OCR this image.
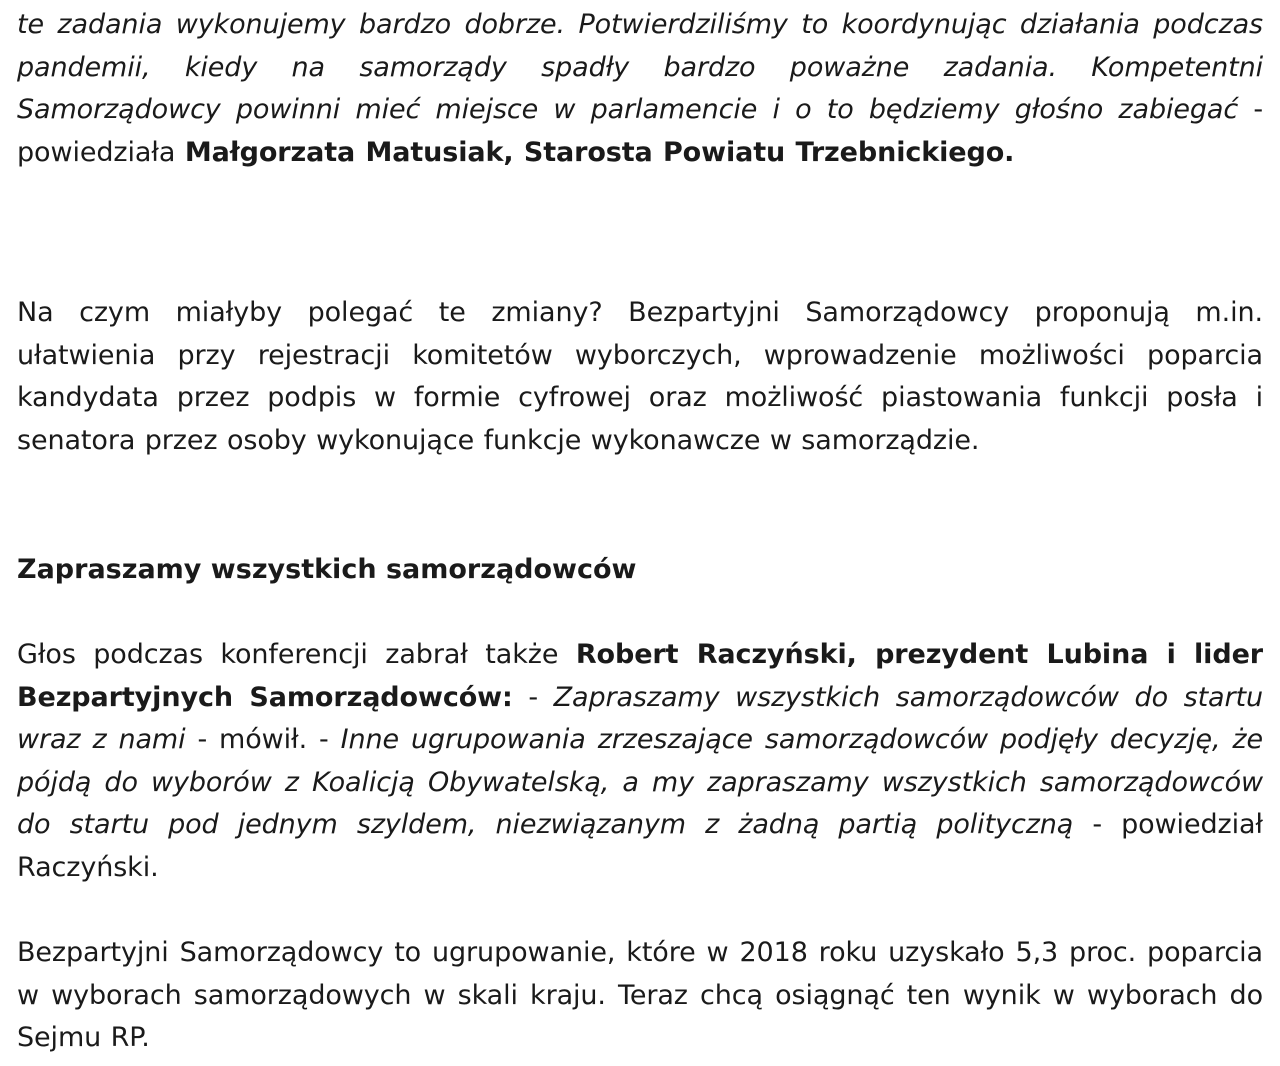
te zadania wykonujemy bardzo dobrze. Potwierdziliśmy to koordynując działania podczas pandemii, kiedy na samorządy spadły bardzo poważne zadania. Kompetentni Samorządowcy powinni mieć miejsce w parlamencie i o to będziemy głośno zabiegać - powiedziała Małgorzata Matusiak, Starosta Powiatu Trzebnickiego.

Na czym miałyby polegać te zmiany? Bezpartyjni Samorządowcy proponują m.in. ułatwienia przy rejestracji komitetów wyborczych, wprowadzenie możliwości poparcia kandydata przez podpis w formie cyfrowej oraz możliwość piastowania funkcji posła i senatora przez osoby wykonujące funkcje wykonawcze w samorządzie.

Zapraszamy wszystkich samorządowców

Głos podczas konferencji zabrał także Robert Raczyński, prezydent Lubina i lider Bezpartyjnych Samorządowców: - Zapraszamy wszystkich samorządowców do startu wraz z nami - mówił. - Inne ugrupowania zrzeszające samorządowców podjęły decyzję, że pójdą do wyborów z Koalicją Obywatelską, a my zapraszamy wszystkich samorządowców do startu pod jednym szyldem, niezwiązanym z żadną partią polityczną - powiedział Raczyński.

Bezpartyjni Samorządowcy to ugrupowanie, które w 2018 roku uzyskało 5,3 proc. poparcia w wyborach samorządowych w skali kraju. Teraz chcą osiągnąć ten wynik w wyborach do Sejmu RP.
